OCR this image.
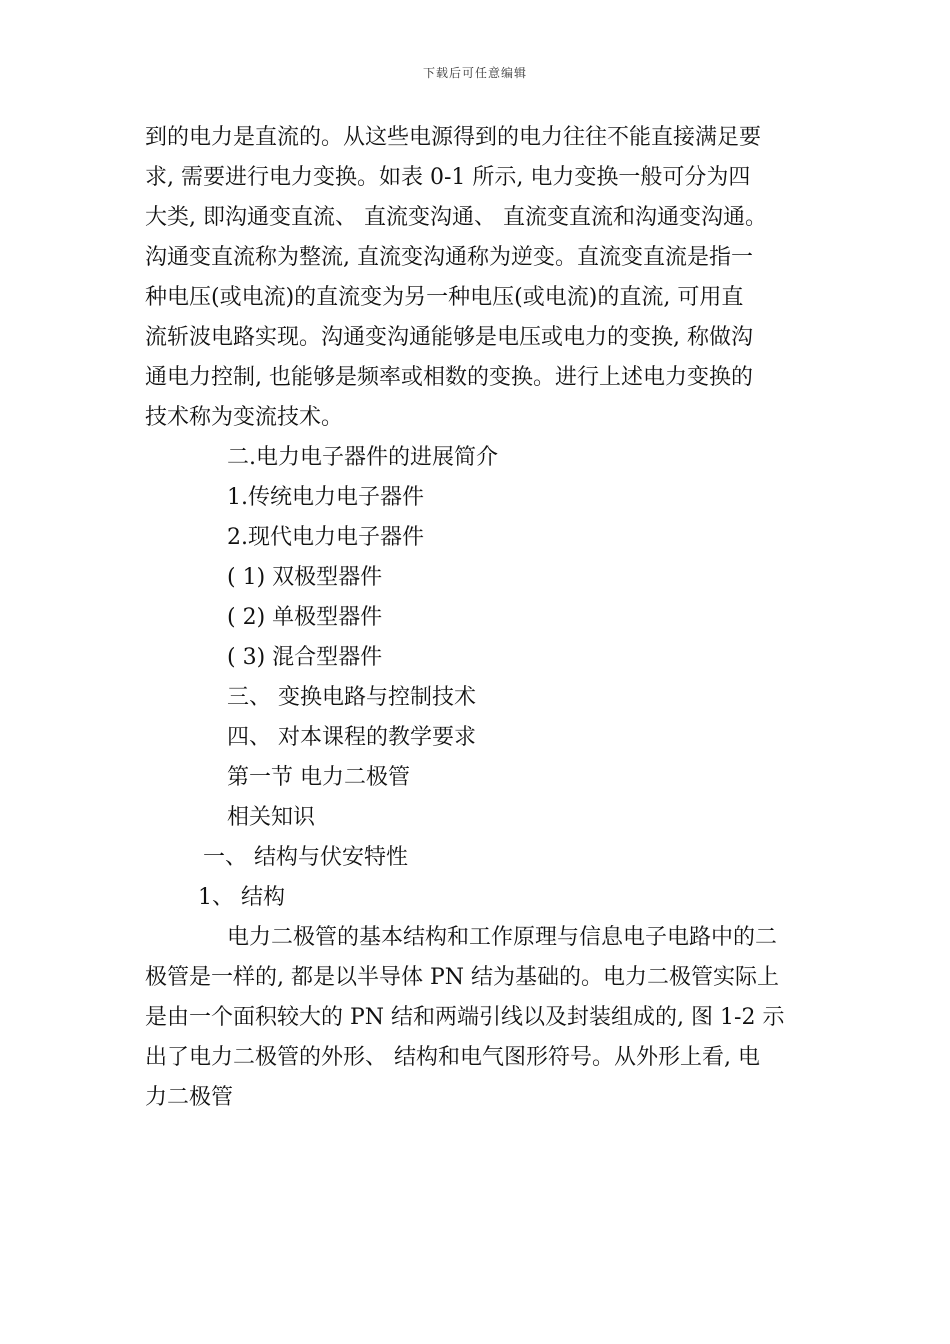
下载后可任意编辑
到的电力是直流的。从这些电源得到的电力往往不能直接满足要
求, 需要进行电力变换。如表 0-1 所示, 电力变换一般可分为四
大类, 即沟通变直流、 直流变沟通、 直流变直流和沟通变沟通。
沟通变直流称为整流, 直流变沟通称为逆变。直流变直流是指一
种电压(或电流)的直流变为另一种电压(或电流)的直流, 可用直
流斩波电路实现。沟通变沟通能够是电压或电力的变换, 称做沟
通电力控制, 也能够是频率或相数的变换。进行上述电力变换的
技术称为变流技术。
二.电力电子器件的进展简介
1.传统电力电子器件
2.现代电力电子器件
( 1) 双极型器件
( 2) 单极型器件
( 3) 混合型器件
三、 变换电路与控制技术
四、 对本课程的教学要求
第一节 电力二极管
相关知识
一、 结构与伏安特性
1、 结构
电力二极管的基本结构和工作原理与信息电子电路中的二
极管是一样的, 都是以半导体 PN 结为基础的。电力二极管实际上
是由一个面积较大的 PN 结和两端引线以及封装组成的, 图 1-2 示
出了电力二极管的外形、 结构和电气图形符号。从外形上看, 电
力二极管
